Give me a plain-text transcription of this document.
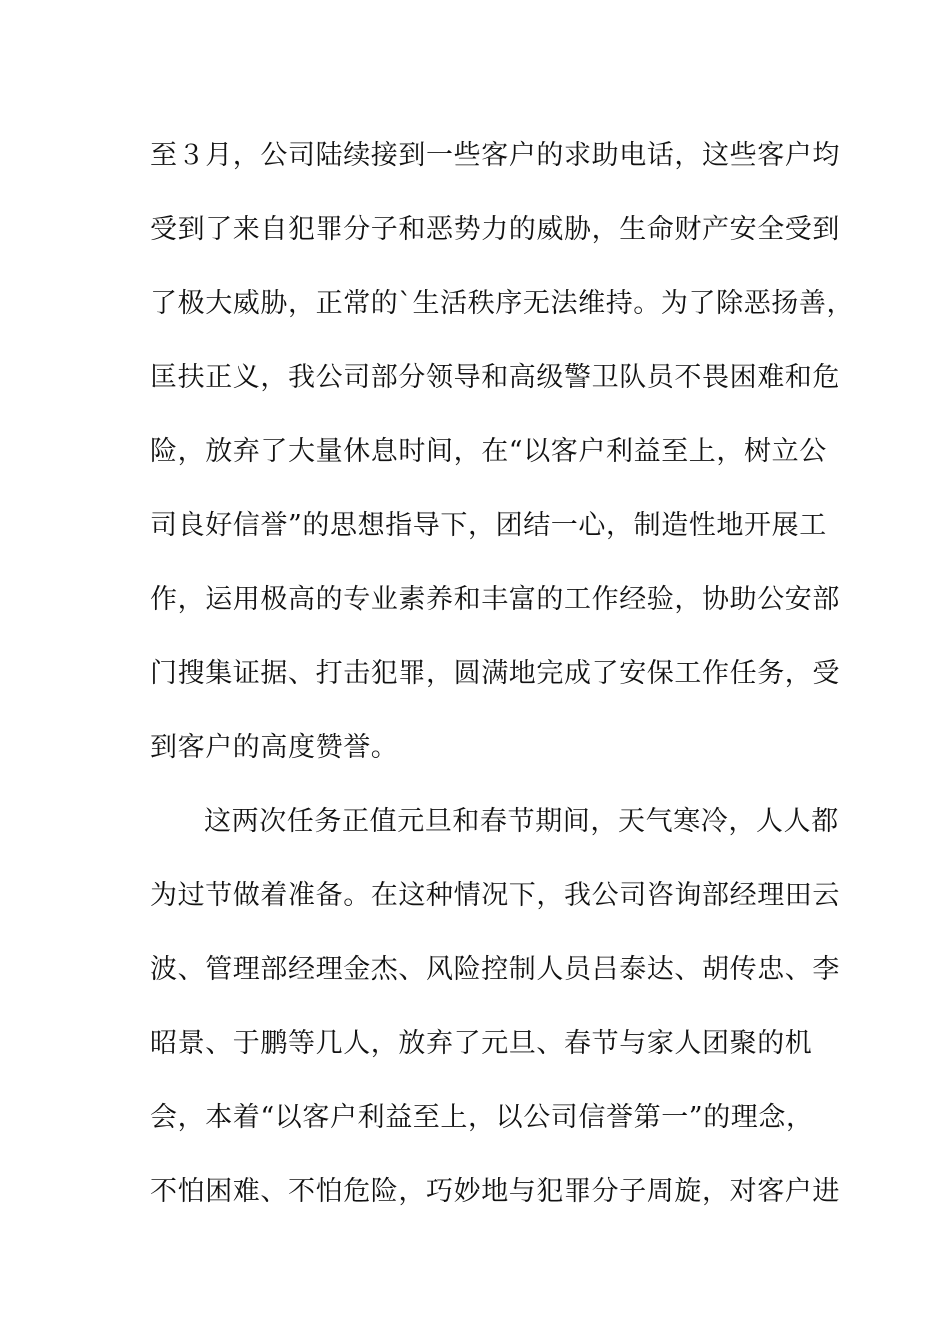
至３月，公司陆续接到一些客户的求助电话，这些客户均
受到了来自犯罪分子和恶势力的威胁，生命财产安全受到
了极大威胁，正常的`生活秩序无法维持。为了除恶扬善，
匡扶正义，我公司部分领导和高级警卫队员不畏困难和危
险，放弃了大量休息时间，在“以客户利益至上，树立公
司良好信誉”的思想指导下，团结一心，制造性地开展工
作，运用极高的专业素养和丰富的工作经验，协助公安部
门搜集证据、打击犯罪，圆满地完成了安保工作任务，受
到客户的高度赞誉。
这两次任务正值元旦和春节期间，天气寒冷，人人都
为过节做着准备。在这种情况下，我公司咨询部经理田云
波、管理部经理金杰、风险控制人员吕泰达、胡传忠、李
昭景、于鹏等几人，放弃了元旦、春节与家人团聚的机
会，本着“以客户利益至上，以公司信誉第一”的理念，
不怕困难、不怕危险，巧妙地与犯罪分子周旋，对客户进
